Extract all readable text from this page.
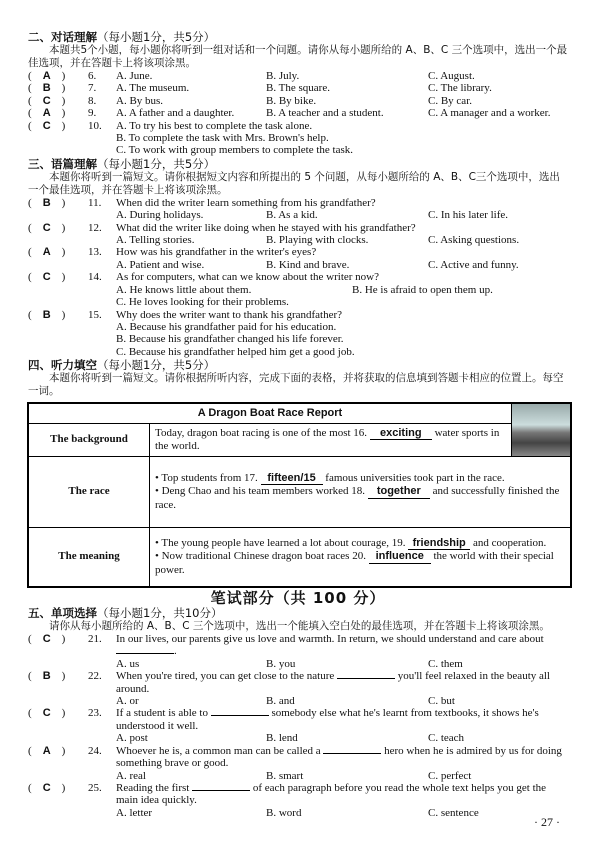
二、对话理解（每小题1分，共5分）
本题共5个小题，每小题你将听到一组对话和一个问题。请你从每小题所给的 A、B、C 三个选项中，选出一个最佳选项，并在答题卡上将该项涂黑。
( A )	6.	A. June.	B. July.	C. August.
( B )	7.	A. The museum.	B. The square.	C. The library.
( C )	8.	A. By bus.	B. By bike.	C. By car.
( A )	9.	A. A father and a daughter.	B. A teacher and a student.	C. A manager and a worker.
( C )	10.	A. To try his best to complete the task alone.
B. To complete the task with Mrs. Brown's help.
C. To work with group members to complete the task.
三、语篇理解（每小题1分，共5分）
本题你将听到一篇短文。请你根据短文内容和所提出的 5 个问题，从每小题所给的 A、B、C三个选项中，选出一个最佳选项，并在答题卡上将该项涂黑。
( B )	11.	When did the writer learn something from his grandfather?
A. During holidays.	B. As a kid.	C. In his later life.
( C )	12.	What did the writer like doing when he stayed with his grandfather?
A. Telling stories.	B. Playing with clocks.	C. Asking questions.
( A )	13.	How was his grandfather in the writer's eyes?
A. Patient and wise.	B. Kind and brave.	C. Active and funny.
( C )	14.	As for computers, what can we know about the writer now?
A. He knows little about them.	B. He is afraid to open them up.
C. He loves looking for their problems.
( B )	15.	Why does the writer want to thank his grandfather?
A. Because his grandfather paid for his education.
B. Because his grandfather changed his life forever.
C. Because his grandfather helped him get a good job.
四、听力填空（每小题1分，共5分）
本题你将听到一篇短文。请你根据所听内容，完成下面的表格，并将获取的信息填到答题卡相应的位置上。每空一词。
A Dragon Boat Race Report		
The background	Today, dragon boat racing is one of the most 16. exciting water sports in the world.	
The race	• Top students from 17. fifteen/15 famous universities took part in the race.
• Deng Chao and his team members worked 18. together and successfully finished the race.	

The meaning	• The young people have learned a lot about courage, 19. friendship and cooperation.
• Now traditional Chinese dragon boat races 20. influence the world with their special power.	
笔试部分（共 100 分）
五、单项选择（每小题1分，共10分）
请你从每小题所给的 A、B、C 三个选项中，选出一个能填入空白处的最佳选项，并在答题卡上将该项涂黑。
( C )	21.	In our lives, our parents give us love and warmth. In return, we should understand and care about .
A. us	B. you	C. them
( B )	22.	When you're tired, you can get close to the nature	you'll feel relaxed in the beauty all around.
A. or	B. and	C. but
( C )	23.	If a student is able to	somebody else what he's learnt from textbooks, it shows he's understood it well.
A. post	B. lend	C. teach
( A )	24.	Whoever he is, a common man can be called a	hero when he is admired by us for doing something brave or good.
A. real	B. smart	C. perfect
( C )	25.	Reading the first	of each paragraph before you read the whole text helps you get the main idea quickly.
A. letter	B. word	C. sentence
· 27 ·
